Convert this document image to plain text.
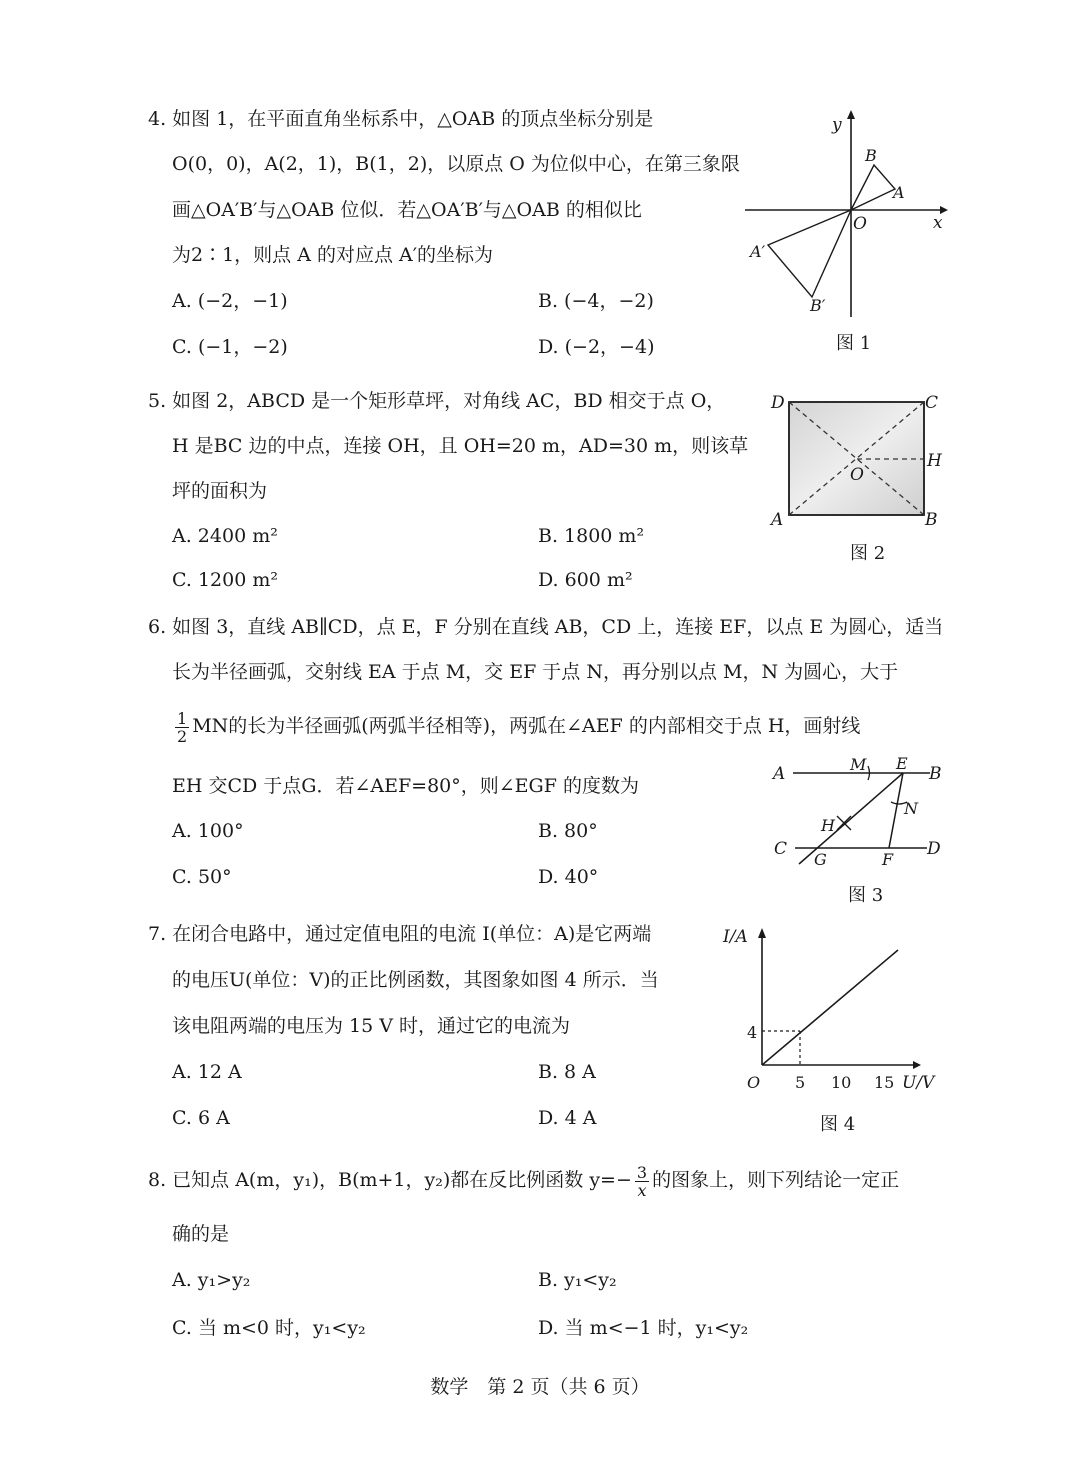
4. 如图 1，在平面直角坐标系中，△OAB 的顶点坐标分别是
O(0，0)，A(2，1)，B(1，2)，以原点 O 为位似中心，在第三象限
画△OA′B′与△OAB 位似．若△OA′B′与△OAB 的相似比
为2∶1，则点 A 的对应点 A′的坐标为
A. (−2，−1)	B. (−4，−2)
C. (−1，−2)	D. (−2，−4)
y
x
O
B
A
A′
B′
图 1
5. 如图 2，ABCD 是一个矩形草坪，对角线 AC，BD 相交于点 O，
H 是BC 边的中点，连接 OH，且 OH=20 m，AD=30 m，则该草
坪的面积为
A. 2400 m²	B. 1800 m²
C. 1200 m²	D. 600 m²
D	C
H
O
A	B
图 2
6. 如图 3，直线 AB∥CD，点 E，F 分别在直线 AB，CD 上，连接 EF，以点 E 为圆心，适当
长为半径画弧，交射线 EA 于点 M，交 EF 于点 N，再分别以点 M，N 为圆心，大于
$\frac{1}{2}$ MN的长为半径画弧(两弧半径相等)，两弧在∠AEF 的内部相交于点 H，画射线
EH 交CD 于点G．若∠AEF=80°，则∠EGF 的度数为
A. 100°	B. 80°
C. 50°	D. 40°
A	M E
B
N
H
C
G	F
D
图 3
7. 在闭合电路中，通过定值电阻的电流 I(单位：A)是它两端
的电压U(单位：V)的正比例函数，其图象如图 4 所示．当
该电阻两端的电压为 15 V 时，通过它的电流为
A. 12 A	B. 8 A
C. 6 A	D. 4 A
I/A
U/V
4
O 5 10 15
图 4
8. 已知点 A(m，y₁)，B(m+1，y₂)都在反比例函数 $y=- \frac{3}{x}$ 的图象上，则下列结论一定正
确的是
A. y₁>y₂	B. y₁<y₂
C. 当 m<0 时，y₁<y₂	D. 当 m<−1 时，y₁<y₂
数学　第 2 页（共 6 页）
